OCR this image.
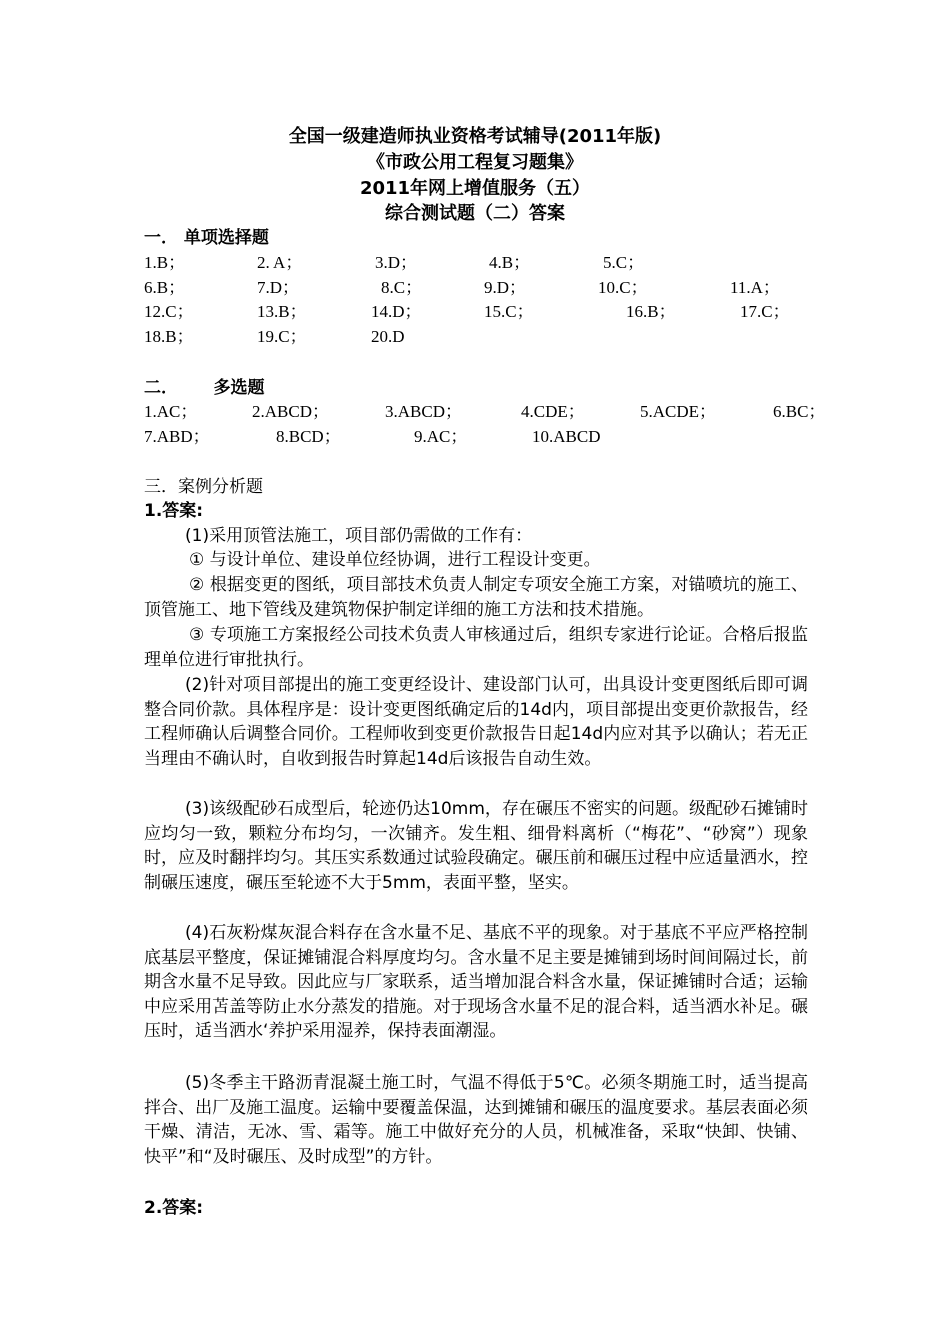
全国一级建造师执业资格考试辅导(2011年版)
《市政公用工程复习题集》
2011年网上增值服务（五）
综合测试题（二）答案
一． 单项选择题
1.B；	2. A；	3.D；	4.B；	5.C；
6.B；	7.D；	8.C；	9.D；	10.C；	11.A；
12.C；	13.B；	14.D；	15.C；	16.B；	17.C；
18.B；	19.C；	20.D
二．      多选题
1.AC；	2.ABCD；	3.ABCD；	4.CDE；	5.ACDE；	6.BC；
7.ABD；	8.BCD；	9.AC；	10.ABCD
三．案例分析题
1.答案:
(1)采用顶管法施工，项目部仍需做的工作有：
① 与设计单位、建设单位经协调，进行工程设计变更。
② 根据变更的图纸，项目部技术负责人制定专项安全施工方案，对锚喷坑的施工、顶管施工、地下管线及建筑物保护制定详细的施工方法和技术措施。
③ 专项施工方案报经公司技术负责人审核通过后，组织专家进行论证。合格后报监理单位进行审批执行。
(2)针对项目部提出的施工变更经设计、建设部门认可，出具设计变更图纸后即可调整合同价款。具体程序是：设计变更图纸确定后的14d内，项目部提出变更价款报告，经工程师确认后调整合同价。工程师收到变更价款报告日起14d内应对其予以确认；若无正当理由不确认时，自收到报告时算起14d后该报告自动生效。
(3)该级配砂石成型后，轮迹仍达10mm，存在碾压不密实的问题。级配砂石摊铺时应均匀一致，颗粒分布均匀，一次铺齐。发生粗、细骨料离析（“梅花”、“砂窝”）现象时，应及时翻拌均匀。其压实系数通过试验段确定。碾压前和碾压过程中应适量洒水，控制碾压速度，碾压至轮迹不大于5mm，表面平整，坚实。
(4)石灰粉煤灰混合料存在含水量不足、基底不平的现象。对于基底不平应严格控制底基层平整度，保证摊铺混合料厚度均匀。含水量不足主要是摊铺到场时间间隔过长，前期含水量不足导致。因此应与厂家联系，适当增加混合料含水量，保证摊铺时合适；运输中应采用苫盖等防止水分蒸发的措施。对于现场含水量不足的混合料，适当洒水补足。碾压时，适当洒水‘养护采用湿养，保持表面潮湿。
(5)冬季主干路沥青混凝土施工时，气温不得低于5℃。必须冬期施工时，适当提高拌合、出厂及施工温度。运输中要覆盖保温，达到摊铺和碾压的温度要求。基层表面必须干燥、清洁，无冰、雪、霜等。施工中做好充分的人员，机械准备，采取“快卸、快铺、快平”和“及时碾压、及时成型”的方针。
2.答案:
